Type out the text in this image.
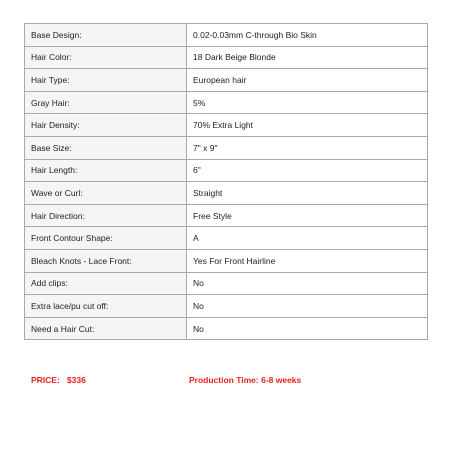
Base Design:	0.02-0.03mm C-through Bio Skin
Hair Color:	18 Dark Beige Blonde
Hair Type:	European hair
Gray Hair:	5%
Hair Density:	70% Extra Light
Base Size:	7" x 9"
Hair Length:	6"
Wave or Curl:	Straight
Hair Direction:	Free Style
Front Contour Shape:	A
Bleach Knots - Lace Front:	Yes For Front Hairline
Add clips:	No
Extra lace/pu cut off:	No
Need a Hair Cut:	No
PRICE: $336	Production Time: 6-8 weeks
